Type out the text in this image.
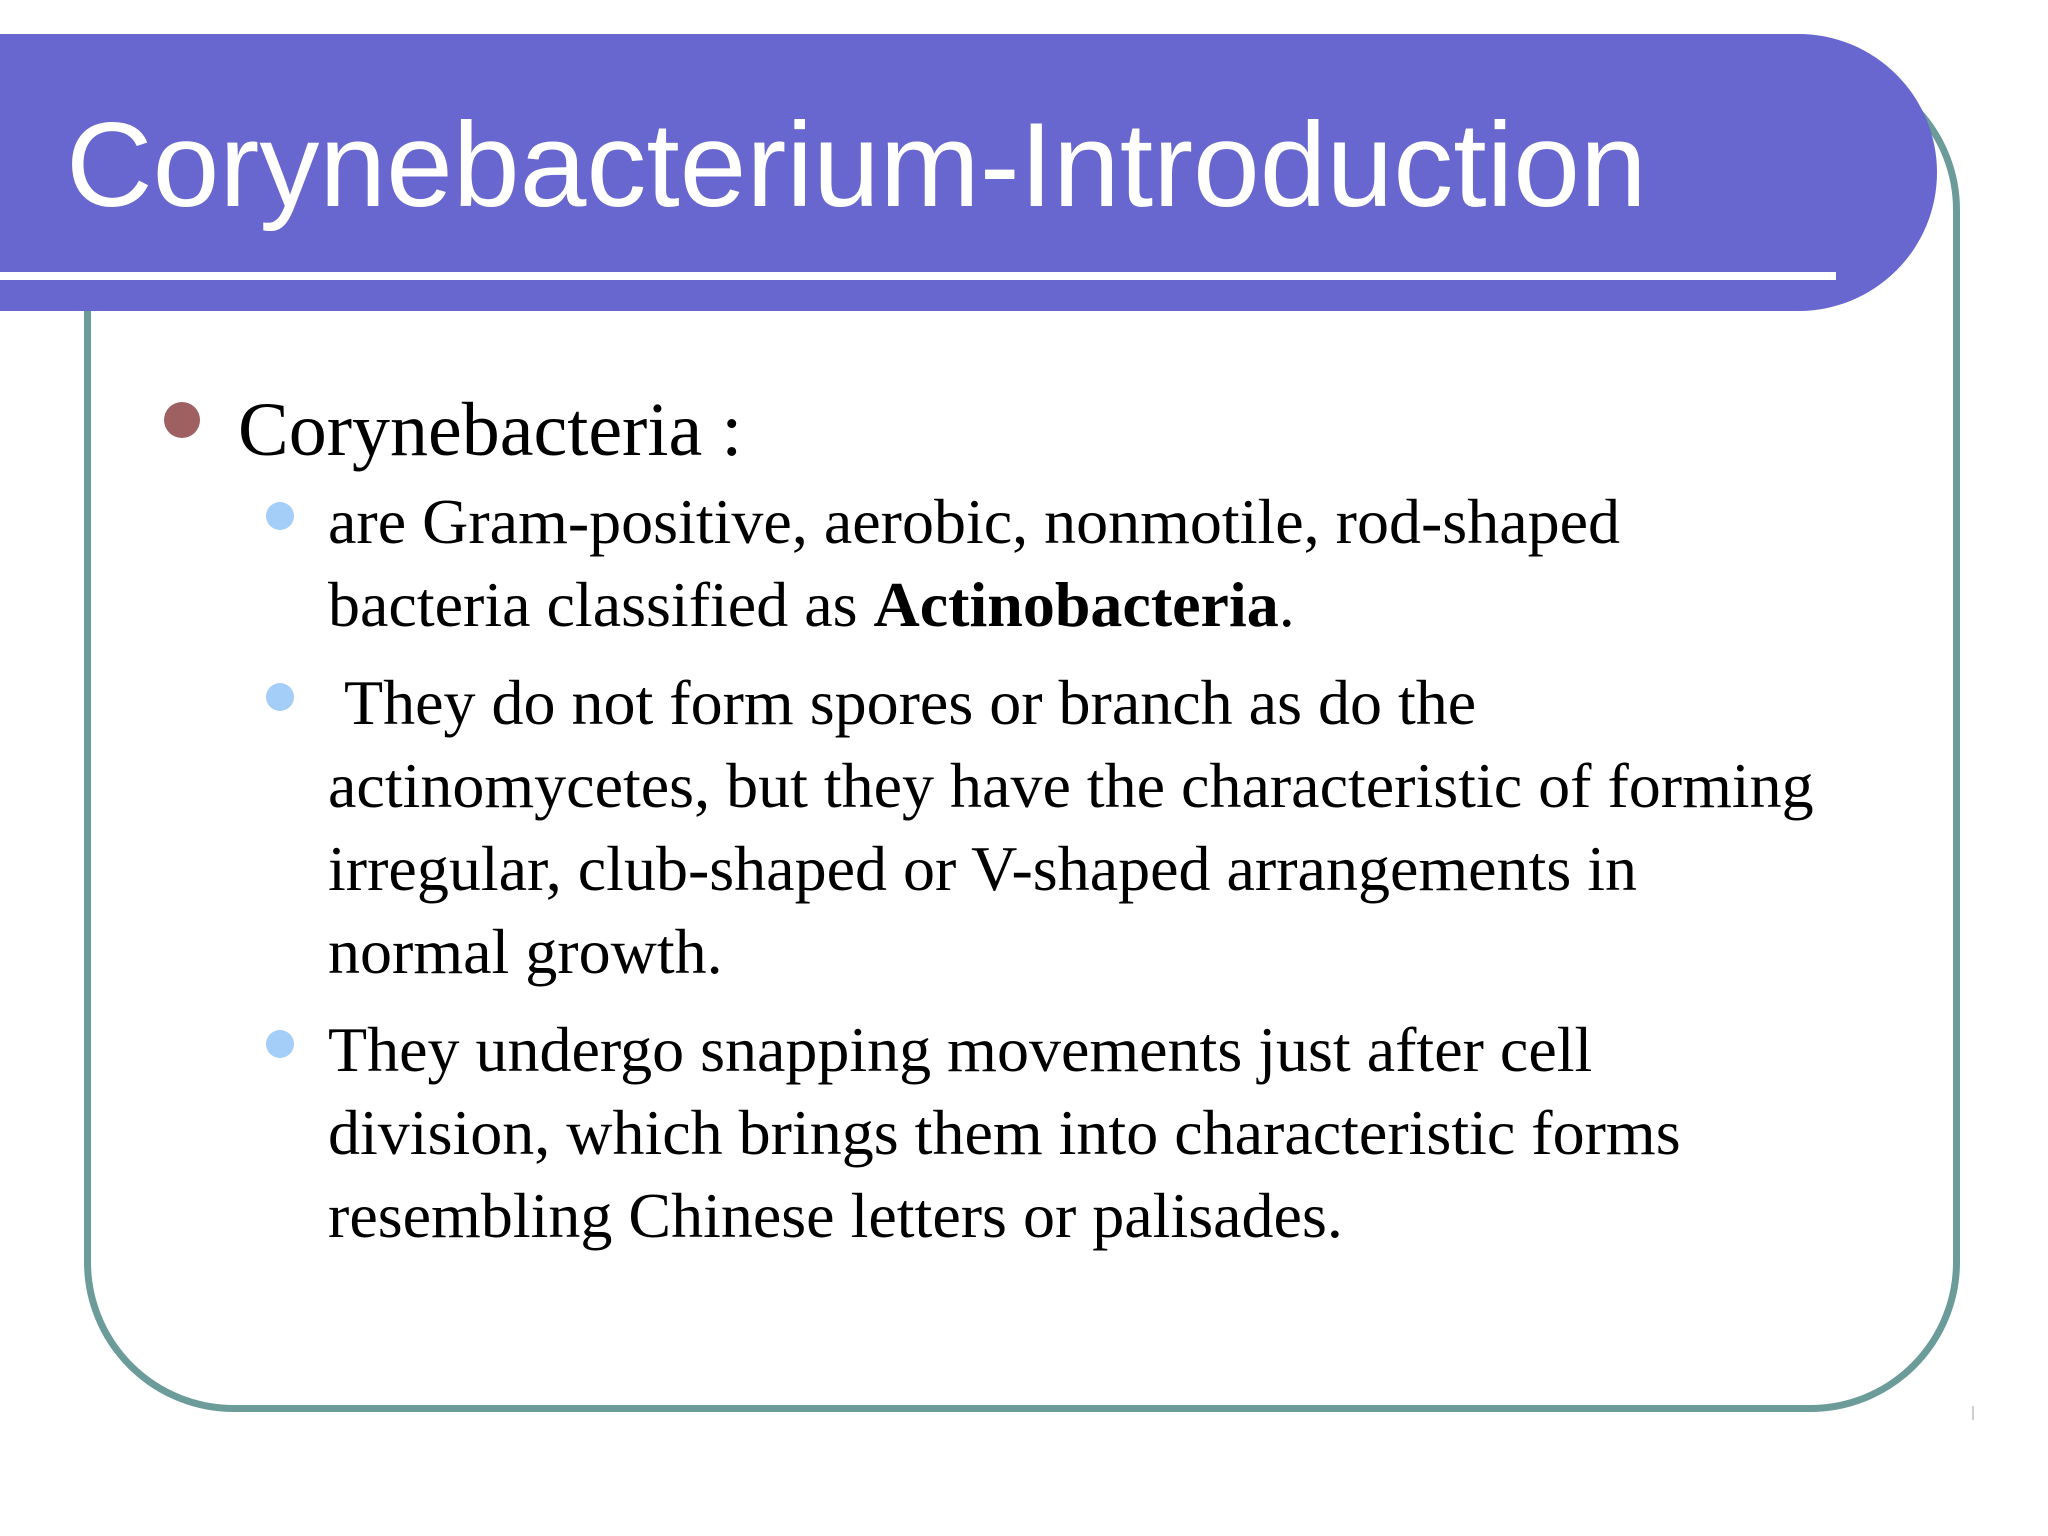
Corynebacterium-Introduction

Corynebacteria :

are Gram-positive, aerobic, nonmotile, rod-shaped bacteria classified as Actinobacteria.
They do not form spores or branch as do the actinomycetes, but they have the characteristic of forming irregular, club-shaped or V-shaped arrangements in normal growth.
They undergo snapping movements just after cell division, which brings them into characteristic forms resembling Chinese letters or palisades.
